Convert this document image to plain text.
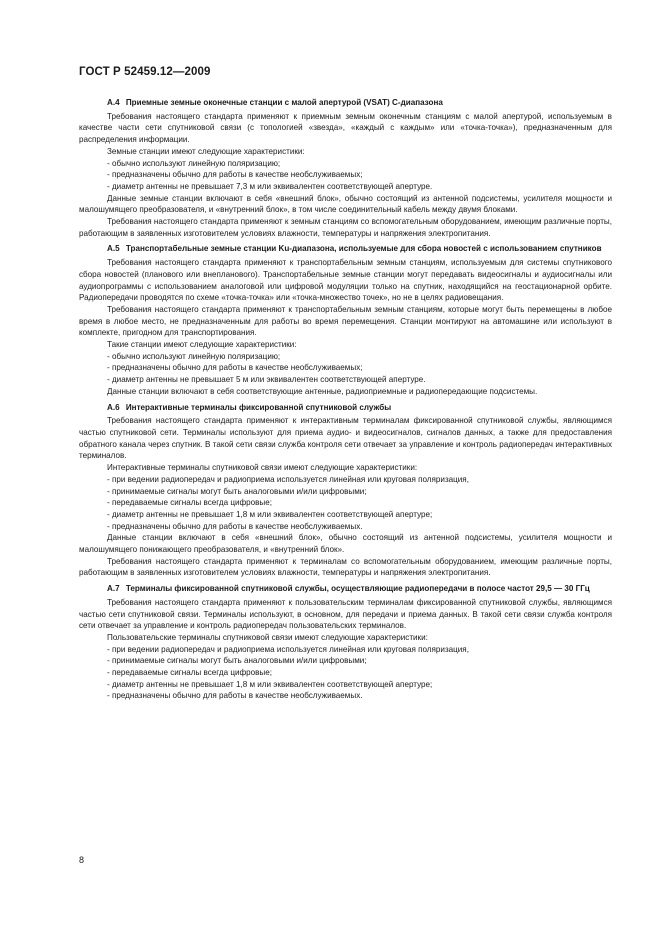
ГОСТ Р 52459.12—2009

А.4 Приемные земные оконечные станции с малой апертурой (VSAT) С-диапазона

Требования настоящего стандарта применяют к приемным земным оконечным станциям с малой апертурой, используемым в качестве части сети спутниковой связи (с топологией «звезда», «каждый с каждым» или «точка-точка»), предназначенным для распределения информации.

Земные станции имеют следующие характеристики:

- обычно используют линейную поляризацию;

- предназначены обычно для работы в качестве необслуживаемых;

- диаметр антенны не превышает 7,3 м или эквивалентен соответствующей апертуре.

Данные земные станции включают в себя «внешний блок», обычно состоящий из антенной подсистемы, усилителя мощности и малошумящего преобразователя, и «внутренний блок», в том числе соединительный кабель между двумя блоками.

Требования настоящего стандарта применяют к земным станциям со вспомогательным оборудованием, имеющим различные порты, работающим в заявленных изготовителем условиях влажности, температуры и напряжения электропитания.

А.5 Транспортабельные земные станции Ku-диапазона, используемые для сбора новостей с использованием спутников

Требования настоящего стандарта применяют к транспортабельным земным станциям, используемым для системы спутникового сбора новостей (планового или внепланового). Транспортабельные земные станции могут передавать видеосигналы и аудиосигналы или аудиопрограммы с использованием аналоговой или цифровой модуляции только на спутник, находящийся на геостационарной орбите. Радиопередачи проводятся по схеме «точка-точка» или «точка-множество точек», но не в целях радиовещания.

Требования настоящего стандарта применяют к транспортабельным земным станциям, которые могут быть перемещены в любое время в любое место, не предназначенным для работы во время перемещения. Станции монтируют на автомашине или используют в комплекте, пригодном для транспортирования.

Такие станции имеют следующие характеристики:

- обычно используют линейную поляризацию;

- предназначены обычно для работы в качестве необслуживаемых;

- диаметр антенны не превышает 5 м или эквивалентен соответствующей апертуре.

Данные станции включают в себя соответствующие антенные, радиоприемные и радиопередающие подсистемы.

А.6 Интерактивные терминалы фиксированной спутниковой службы

Требования настоящего стандарта применяют к интерактивным терминалам фиксированной спутниковой службы, являющимся частью спутниковой сети. Терминалы используют для приема аудио- и видеосигналов, сигналов данных, а также для предоставления обратного канала через спутник. В такой сети связи служба контроля сети отвечает за управление и контроль радиопередач интерактивных терминалов.

Интерактивные терминалы спутниковой связи имеют следующие характеристики:

- при ведении радиопередач и радиоприема используется линейная или круговая поляризация,

- принимаемые сигналы могут быть аналоговыми и/или цифровыми;

- передаваемые сигналы всегда цифровые;

- диаметр антенны не превышает 1,8 м или эквивалентен соответствующей апертуре;

- предназначены обычно для работы в качестве необслуживаемых.

Данные станции включают в себя «внешний блок», обычно состоящий из антенной подсистемы, усилителя мощности и малошумящего понижающего преобразователя, и «внутренний блок».

Требования настоящего стандарта применяют к терминалам со вспомогательным оборудованием, имеющим различные порты, работающим в заявленных изготовителем условиях влажности, температуры и напряжения электропитания.

А.7 Терминалы фиксированной спутниковой службы, осуществляющие радиопередачи в полосе частот 29,5 — 30 ГГц

Требования настоящего стандарта применяют к пользовательским терминалам фиксированной спутниковой службы, являющимся частью сети спутниковой связи. Терминалы используют, в основном, для передачи и приема данных. В такой сети связи служба контроля сети отвечает за управление и контроль радиопередач пользовательских терминалов.

Пользовательские терминалы спутниковой связи имеют следующие характеристики:

- при ведении радиопередач и радиоприема используется линейная или круговая поляризация,

- принимаемые сигналы могут быть аналоговыми и/или цифровыми;

- передаваемые сигналы всегда цифровые;

- диаметр антенны не превышает 1,8 м или эквивалентен соответствующей апертуре;

- предназначены обычно для работы в качестве необслуживаемых.

8
